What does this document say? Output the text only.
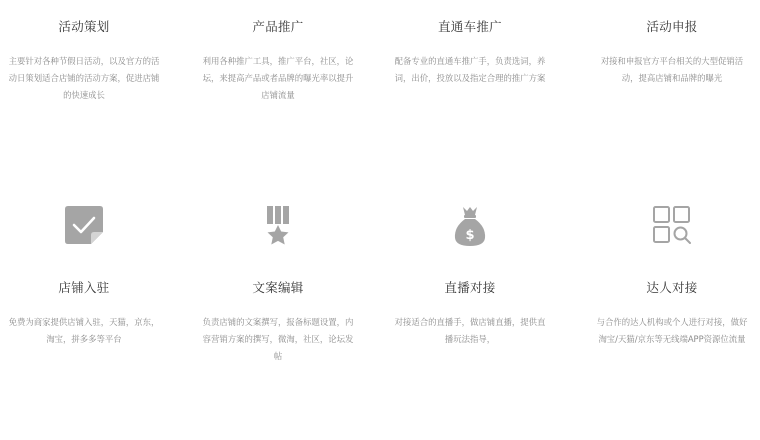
活动策划
主要针对各种节假日活动，以及官方的活动日策划适合店铺的活动方案，促进店铺的快速成长
产品推广
利用各种推广工具，推广平台，社区，论坛，来提高产品或者品牌的曝光率以提升店铺流量
直通车推广
配备专业的直通车推广手，负责选词，养词，出价，投放以及指定合理的推广方案
活动申报
对接和申报官方平台相关的大型促销活动，提高店铺和品牌的曝光
店铺入驻
免费为商家提供店铺入驻，天猫，京东，淘宝，拼多多等平台
文案编辑
负责店铺的文案撰写，报备标题设置，内容营销方案的撰写，微淘，社区，论坛发帖
$
直播对接
对接适合的直播手，做店铺直播，提供直播玩法指导，
达人对接
与合作的达人机构或个人进行对接，做好淘宝/天猫/京东等无线端APP资源位流量
